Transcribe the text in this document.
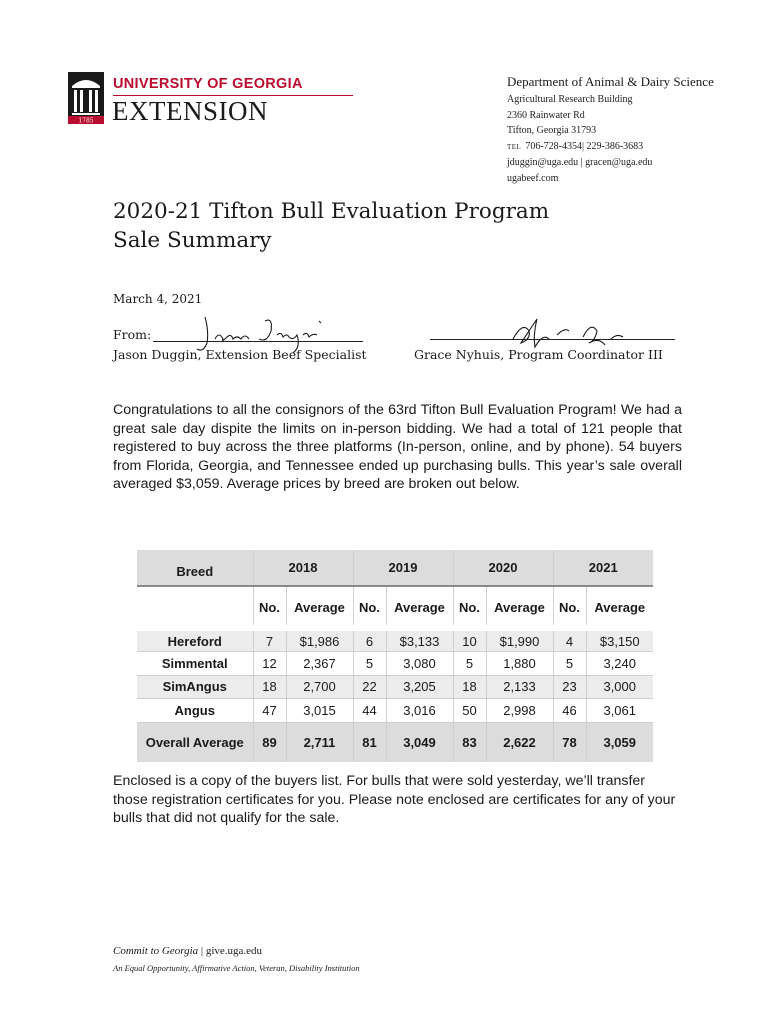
1785
UNIVERSITY OF GEORGIA
EXTENSION
Department of Animal & Dairy Science
Agricultural Research Building
2360 Rainwater Rd
Tifton, Georgia 31793
TEL 706-728-4354| 229-386-3683
jduggin@uga.edu | gracen@uga.edu
ugabeef.com
2020-21 Tifton Bull Evaluation Program
Sale Summary
March 4, 2021
From:
Jason Duggin, Extension Beef Specialist	Grace Nyhuis, Program Coordinator III
Congratulations to all the consignors of the 63rd Tifton Bull Evaluation Program! We had a great sale day dispite the limits on in-person bidding. We had a total of 121 people that registered to buy across the three platforms (In-person, online, and by phone). 54 buyers from Florida, Georgia, and Tennessee ended up purchasing bulls. This year’s sale overall averaged $3,059. Average prices by breed are broken out below.
Breed	2018		2019		2020		2021	
	No.	Average	No.	Average	No.	Average	No.	Average
Hereford	7	$1,986	6	$3,133	10	$1,990	4	$3,150
Simmental	12	2,367	5	3,080	5	1,880	5	3,240
SimAngus	18	2,700	22	3,205	18	2,133	23	3,000
Angus	47	3,015	44	3,016	50	2,998	46	3,061
Overall Average	89	2,711	81	3,049	83	2,622	78	3,059
Enclosed is a copy of the buyers list. For bulls that were sold yesterday, we’ll transfer those registration certificates for you. Please note enclosed are certificates for any of your bulls that did not qualify for the sale.
Commit to Georgia | give.uga.edu
An Equal Opportunity, Affirmative Action, Veteran, Disability Institution
